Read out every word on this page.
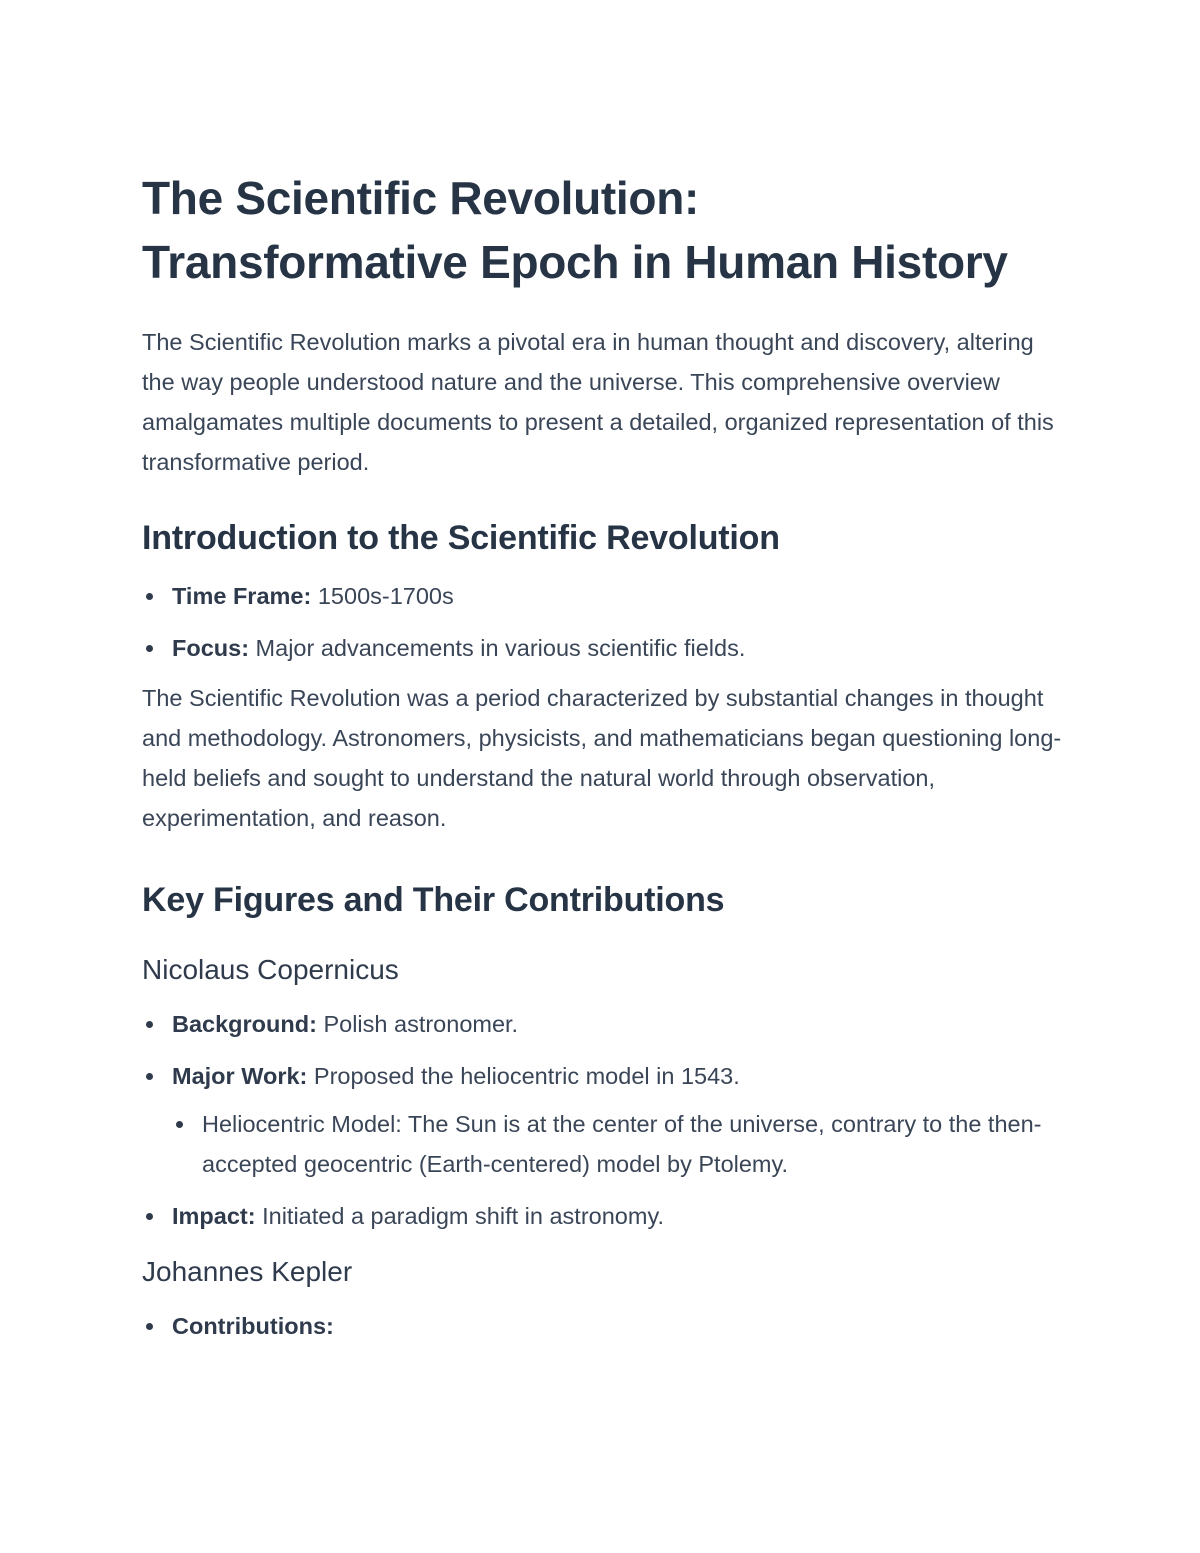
The Scientific Revolution:
Transformative Epoch in Human History

The Scientific Revolution marks a pivotal era in human thought and discovery, altering the way people understood nature and the universe. This comprehensive overview amalgamates multiple documents to present a detailed, organized representation of this transformative period.

Introduction to the Scientific Revolution
Time Frame: 1500s-1700s
Focus: Major advancements in various scientific fields.

The Scientific Revolution was a period characterized by substantial changes in thought and methodology. Astronomers, physicists, and mathematicians began questioning long-held beliefs and sought to understand the natural world through observation, experimentation, and reason.

Key Figures and Their Contributions
Nicolaus Copernicus
Background: Polish astronomer.
Major Work: Proposed the heliocentric model in 1543.
Heliocentric Model: The Sun is at the center of the universe, contrary to the then-accepted geocentric (Earth-centered) model by Ptolemy.
Impact: Initiated a paradigm shift in astronomy.
Johannes Kepler
Contributions:
